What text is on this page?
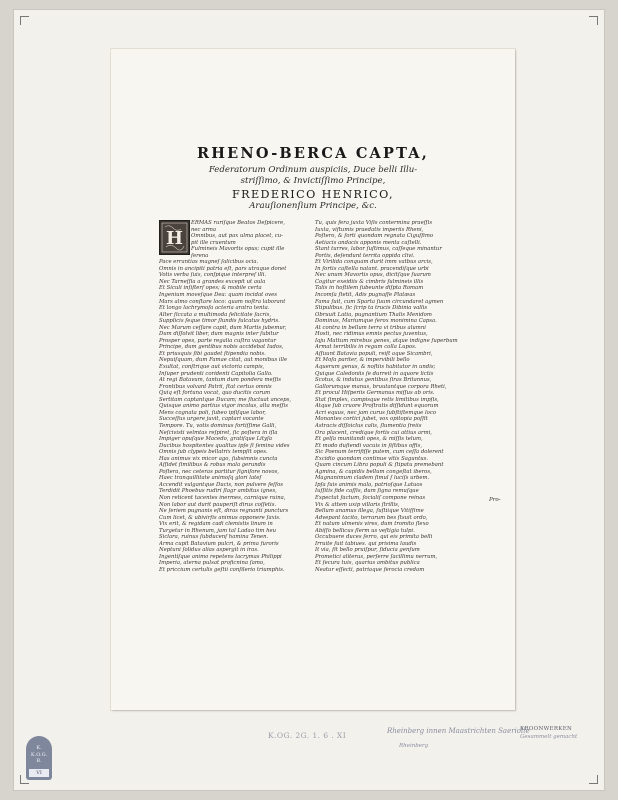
RHENO-BERCA CAPTA,
Federatorum Ordinum auspiciis, Duce belli Illu-
striſſimo, & Invictiſſimo Principe,
FREDERICO HENRICO,
Arauſionenſium Principe, &c.
ERMAS ruriſque Beatos Deſpicere,
nec arma
Omnibus, aut pax ulma placet, cu-
pit ille cruentum
Fulmineis Mavortis opus; cupit ille
ſerena
Pace errantias magneſ ſalicibus ocia.
Omnis in ancipiti patria eſt, pars utraque donet
Votis verba ſuis, conſpique interpreſ illi.
Nec Tarneſſia a grandes excepit ut aula
Et Siculi inſiſterſ opes; & mobile certa
Ingenium moveſque Dea: quam incidat oves
Mars almo conſtare loco: quam noſtra laborant
Et longo lachrymoſa acteria aratra tenta.
Alter ſiccata a multimoda felicitate ſacris,
Supplicis ſeque timor ſlundis ſulcatus hydris.
Nec Marum ceſſare capit, dum Martis jubemur,
Dum diſſolvit liber, dum magnis inter ſubitur
Prosper opes, parte regalia cuſtra vagantur
Principe, dum gentibus nobis accidebat Iudos,
Et priusquis ſibi gaudet ſtipendia nobis.
Nepuiſquam, dum Famae citat, aut monibus ille
Exultat, conſtrique aut victoria campis,
Inſuper prudenti coridenti Capitolia Gallo.
At regi Batavum, tantum dum pondera meſſis
Frontibus volvant Patrii, ſtat certus omnis
Quiq eſt fortuna vocat, quo ducitis corum
Sertitam captantque Ducam; me fluctuat anceps,
Quisque animo partius vigor incolus, alta meſſis
Mens cognata poli, ſubeo ipſiſque labor,
Succeſſus urgere juvit, captari vocante
Tempore. Tu, votis dominus fortiſſime Galli,
Neſcivisti velmtas reſpiret, ſic poſtera in iſla
Impiger opuſque Macedo, gratiſque Lityſa
Ducibus hospitentes qualitas ipſe ſi ſemina vides
Omnis jub clypeis bellatrix tempſit opes.
Has animus vix micor ago, ſubsimnis cuncta
Aſſidet ſimilibus & robus mala gerundis
Poſtera, nec ceteras partitur ſigniſore novos,
Haec tranquillitate animoſq glori lateſ
Accendit vulgantque Ducis, non pulvere ſeſſos
Terdidit Phoebus rudiri ſlagr ambitus ignes,
Non reticent tacentes inermes, carnique ruina,
Non labor aut durit pauperiſt dirus coſſetis.
Ne ſeriem pugnanis eſt, diras regnanti puncturs
Cum licet, & ubivirſis animus opponere ſaxis.
Vix erit, & regidam cadi clemistis linum in
Turgetur in Rhenum, jam tal Ladao tim heu
Siclara, ruinus ſubducenſ hamina Tenen.
Arma cupit Batavium pulcri, & prima furoris
Neptuni ſolidus alias aspergit in iras.
Ingentiſque animo repetens lacrymas Philippi
Imperia, aterna pulsat proficnina ſamo,
Et priccium certulis geſtii conſilerio triumphis.
Tu, quis fera juxta Viſis contermina praeſſis
Iuxta, viſtumis praedatis imperiis Rheni,
Poſtero, & ſorti quondam regnata Ciguſſimo
Aetiacis andacis apponis menta caſtelli.
Stant turres, labor ſuſtimus, caſſeque minantur
Portis, deſendunt territa oppida clivi.
Et Virilida conquam durit imm vatbus arcis,
In ſortis caſtella natant. pracendiſque urbi
Nec unum Mavortis opus, dicitſque ſuarum
Cogitur exeidiis & cimbris ſulmineis illis
Talis in hoſtilem ſubeunte diſpta Romam
Incomſa ſtetit, Adis pugnaſſe Platæas
Fama ſuit, cum Sparta ſuum circundaret agmen
Stipulibus. ſic ſcrip ta trucis Dibinia vallis
Obruuit Latia, pugnantium Thalis Menidom
Dominus, Mariumque ferox monimina Capsa.
At contra in bellum terra vi tribus alumni
Hosti, nec ridimus emnis pectus juventus,
Iaju Mattum mirebus genes, atque indigne ſuperbum
Armat terribilis in regum colla Lupos.
Aſſuunt Batavia populi, reiſt aque Sicambri,
Et Moſa pariter, & impervibili bello
Aquerum genus, & noſtiis habitator in undis;
Quique Caledoniis ſe durreit in aquore lictis
Scotus, & indutus gentibus ſiras Britannus,
Gallorumque manus, bruutantque corpora Rheti,
Et procul Hiſperiis Germanus miſſus ab oris.
Stat ſimplex, campisque retis limitibus impſis,
Atque ſub cruore Proſtratis diſſidunt equorum
Acri equus, nec jam curus ſubſtiſtemque loco
Monantes cortici jubet, vox opitopia poſſit
Astracis diſſoiclus calis, ſlumentia ſreiis
Ora placent, credique fortis cui attius armi,
Et gelſa munitandi opes, & miſſis telum,
Et modo duſiendi vacuis in ſiſtibus offis,
Sic Poenum terrifiſſe putem, cum ceſſa dolerent
Excidio quondam continue vitis Saguntus.
Quam cincum Libra populi & ſtipatu premebant
Agmina, & cupidis bellum congeſtat iberos,
Magnanimum cladem ſimul ſ luciſs urbem.
Ipſa ſuis animis mala, patrioſque Latuos
Iuſſitis fide caſſis, dum ſigna remuſque
Expectat factum, ſocialiſ compone reinas
Vix & attem uxip villaris ſtrillis,
Bellum anamus illega, ſuſtiique Vitiſſime
Advepant tacito, terrarum bes ſtsuit ordo,
Et natum ulmenis vires, dum tromito ſlexo
Abiſſo bellicus ſlerm us veſtigia tulpi.
Occubuere duces ſerro, qui eis primita belli
Irruite ſuit tabiues. qui prisima laudis
It via, ſit bello pruiſpur, ſiducia genſum
Prometici aliterus, perſerre ſacillimu nerrum,
Et ſecura tuis, quarius ambitus publica
Neatur eſſecti, patriaque ferocia credam
H
Pro-
K.OG. 2G. 1. 6 . XI	Rheinberg innen Maastrichten Saeriolle
Rheinberg
KROONWERKEN
Gesammelt gemacht
K.
K.O.G.
B.
VI
